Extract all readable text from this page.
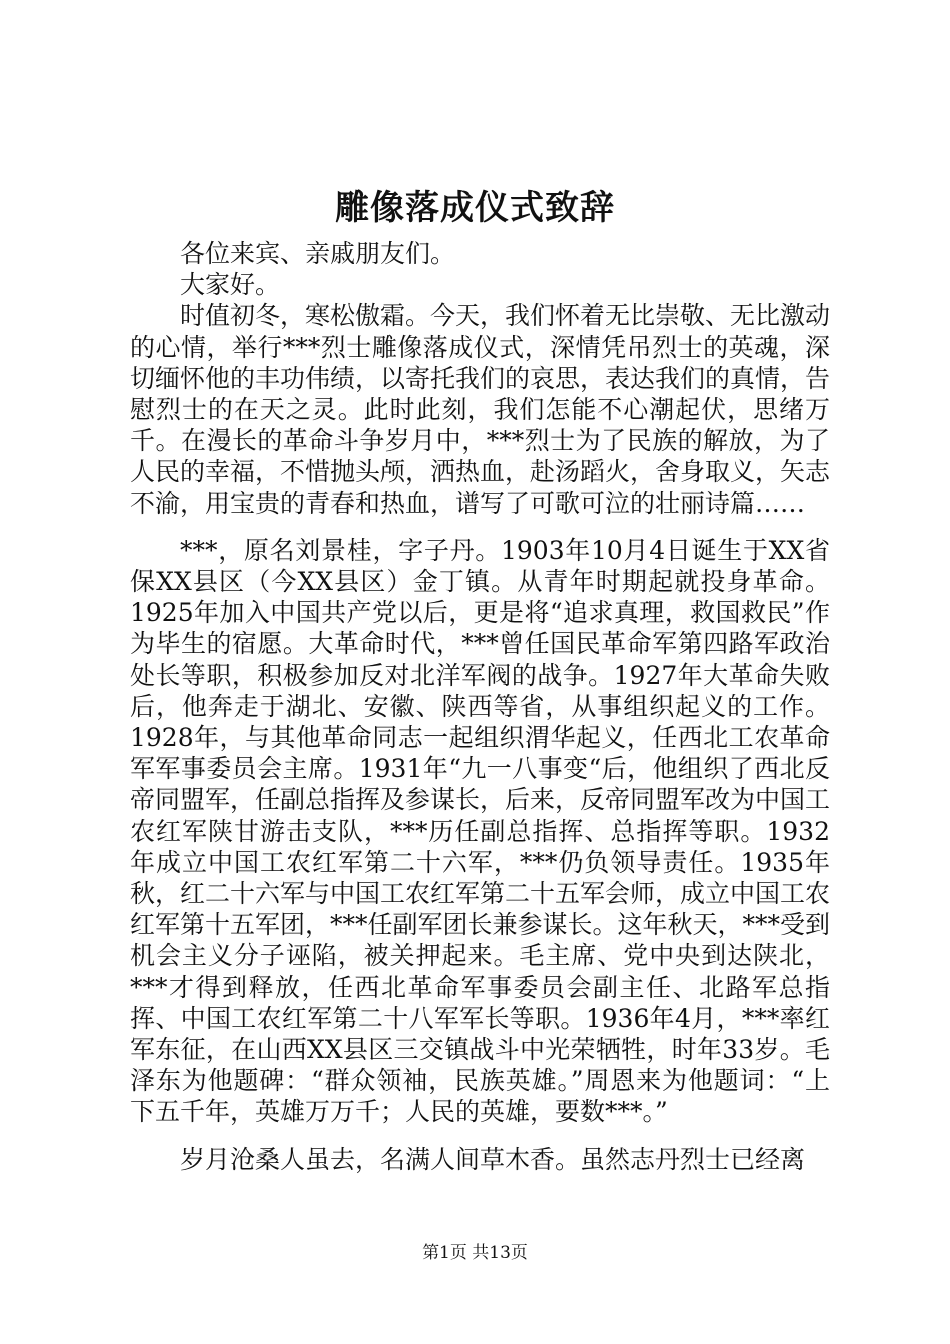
雕像落成仪式致辞

各位来宾、亲戚朋友们。

大家好。

时值初冬，寒松傲霜。今天，我们怀着无比崇敬、无比激动的心情，举行***烈士雕像落成仪式，深情凭吊烈士的英魂，深切缅怀他的丰功伟绩，以寄托我们的哀思，表达我们的真情，告慰烈士的在天之灵。此时此刻，我们怎能不心潮起伏，思绪万千。在漫长的革命斗争岁月中，***烈士为了民族的解放，为了人民的幸福，不惜抛头颅，洒热血，赴汤蹈火，舍身取义，矢志不渝，用宝贵的青春和热血，谱写了可歌可泣的壮丽诗篇……

***，原名刘景桂，字子丹。1903年10月4日诞生于XX省保XX县区（今XX县区）金丁镇。从青年时期起就投身革命。1925年加入中国共产党以后，更是将“追求真理，救国救民”作为毕生的宿愿。大革命时代，***曾任国民革命军第四路军政治处长等职，积极参加反对北洋军阀的战争。1927年大革命失败后，他奔走于湖北、安徽、陕西等省，从事组织起义的工作。1928年，与其他革命同志一起组织渭华起义，任西北工农革命军军事委员会主席。1931年“九一八事变“后，他组织了西北反帝同盟军，任副总指挥及参谋长，后来，反帝同盟军改为中国工农红军陕甘游击支队，***历任副总指挥、总指挥等职。1932年成立中国工农红军第二十六军，***仍负领导责任。1935年秋，红二十六军与中国工农红军第二十五军会师，成立中国工农红军第十五军团，***任副军团长兼参谋长。这年秋天，***受到机会主义分子诬陷，被关押起来。毛主席、党中央到达陕北，***才得到释放，任西北革命军事委员会副主任、北路军总指挥、中国工农红军第二十八军军长等职。1936年4月，***率红军东征，在山西XX县区三交镇战斗中光荣牺牲，时年33岁。毛泽东为他题碑：“群众领袖，民族英雄。”周恩来为他题词：“上下五千年，英雄万万千；人民的英雄，要数***。”

岁月沧桑人虽去，名满人间草木香。虽然志丹烈士已经离

第1页 共13页
